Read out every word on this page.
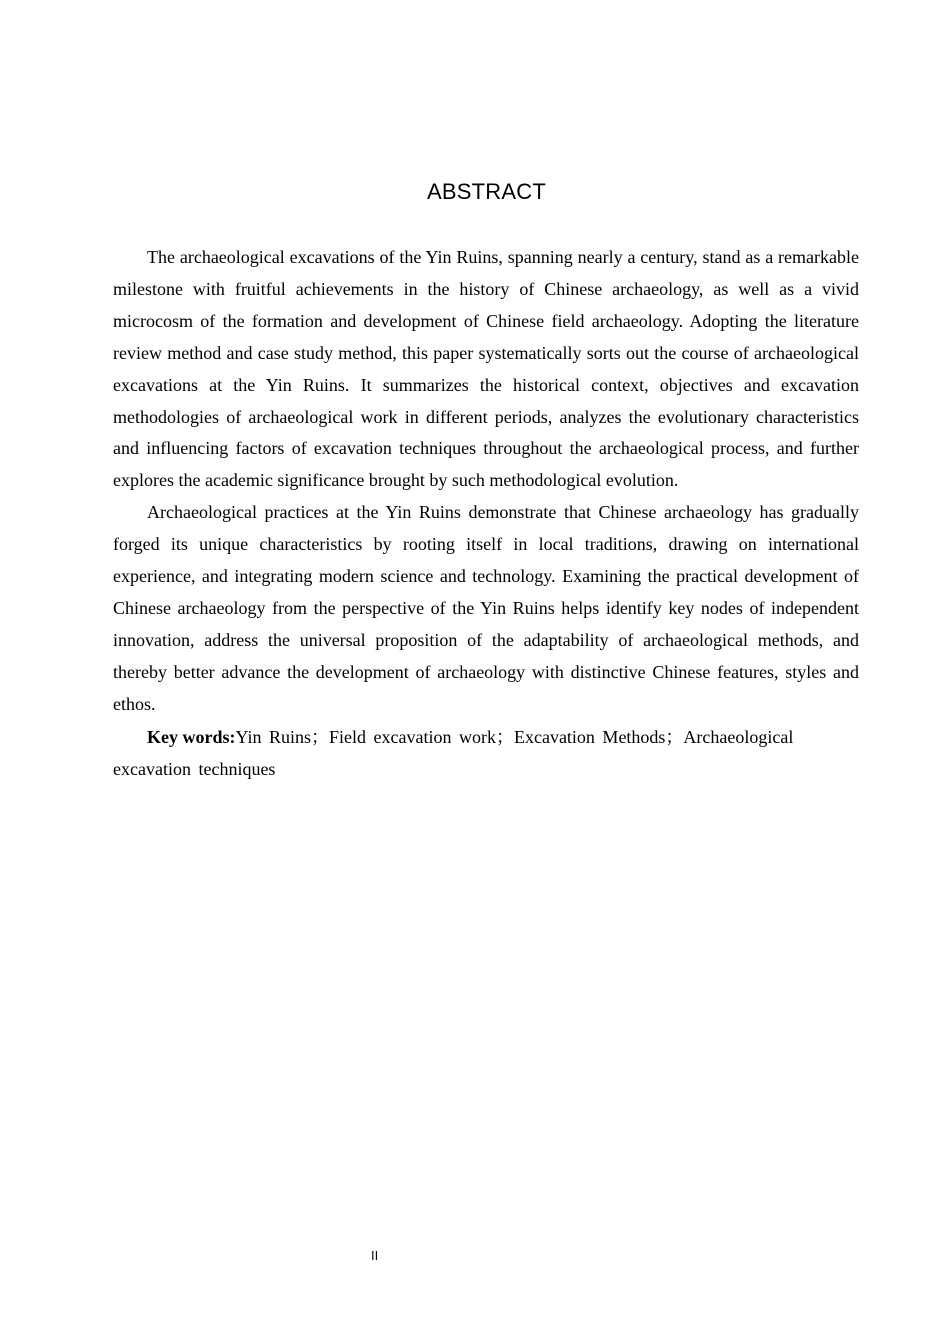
ABSTRACT

The archaeological excavations of the Yin Ruins, spanning nearly a century, stand as a remarkable milestone with fruitful achievements in the history of Chinese archaeology, as well as a vivid microcosm of the formation and development of Chinese field archaeology. Adopting the literature review method and case study method, this paper systematically sorts out the course of archaeological excavations at the Yin Ruins. It summarizes the historical context, objectives and excavation methodologies of archaeological work in different periods, analyzes the evolutionary characteristics and influencing factors of excavation techniques throughout the archaeological process, and further explores the academic significance brought by such methodological evolution.

Archaeological practices at the Yin Ruins demonstrate that Chinese archaeology has gradually forged its unique characteristics by rooting itself in local traditions, drawing on international experience, and integrating modern science and technology. Examining the practical development of Chinese archaeology from the perspective of the Yin Ruins helps identify key nodes of independent innovation, address the universal proposition of the adaptability of archaeological methods, and thereby better advance the development of archaeology with distinctive Chinese features, styles and ethos.

Key words:Yin Ruins；Field excavation work；Excavation Methods；Archaeological excavation techniques

II
